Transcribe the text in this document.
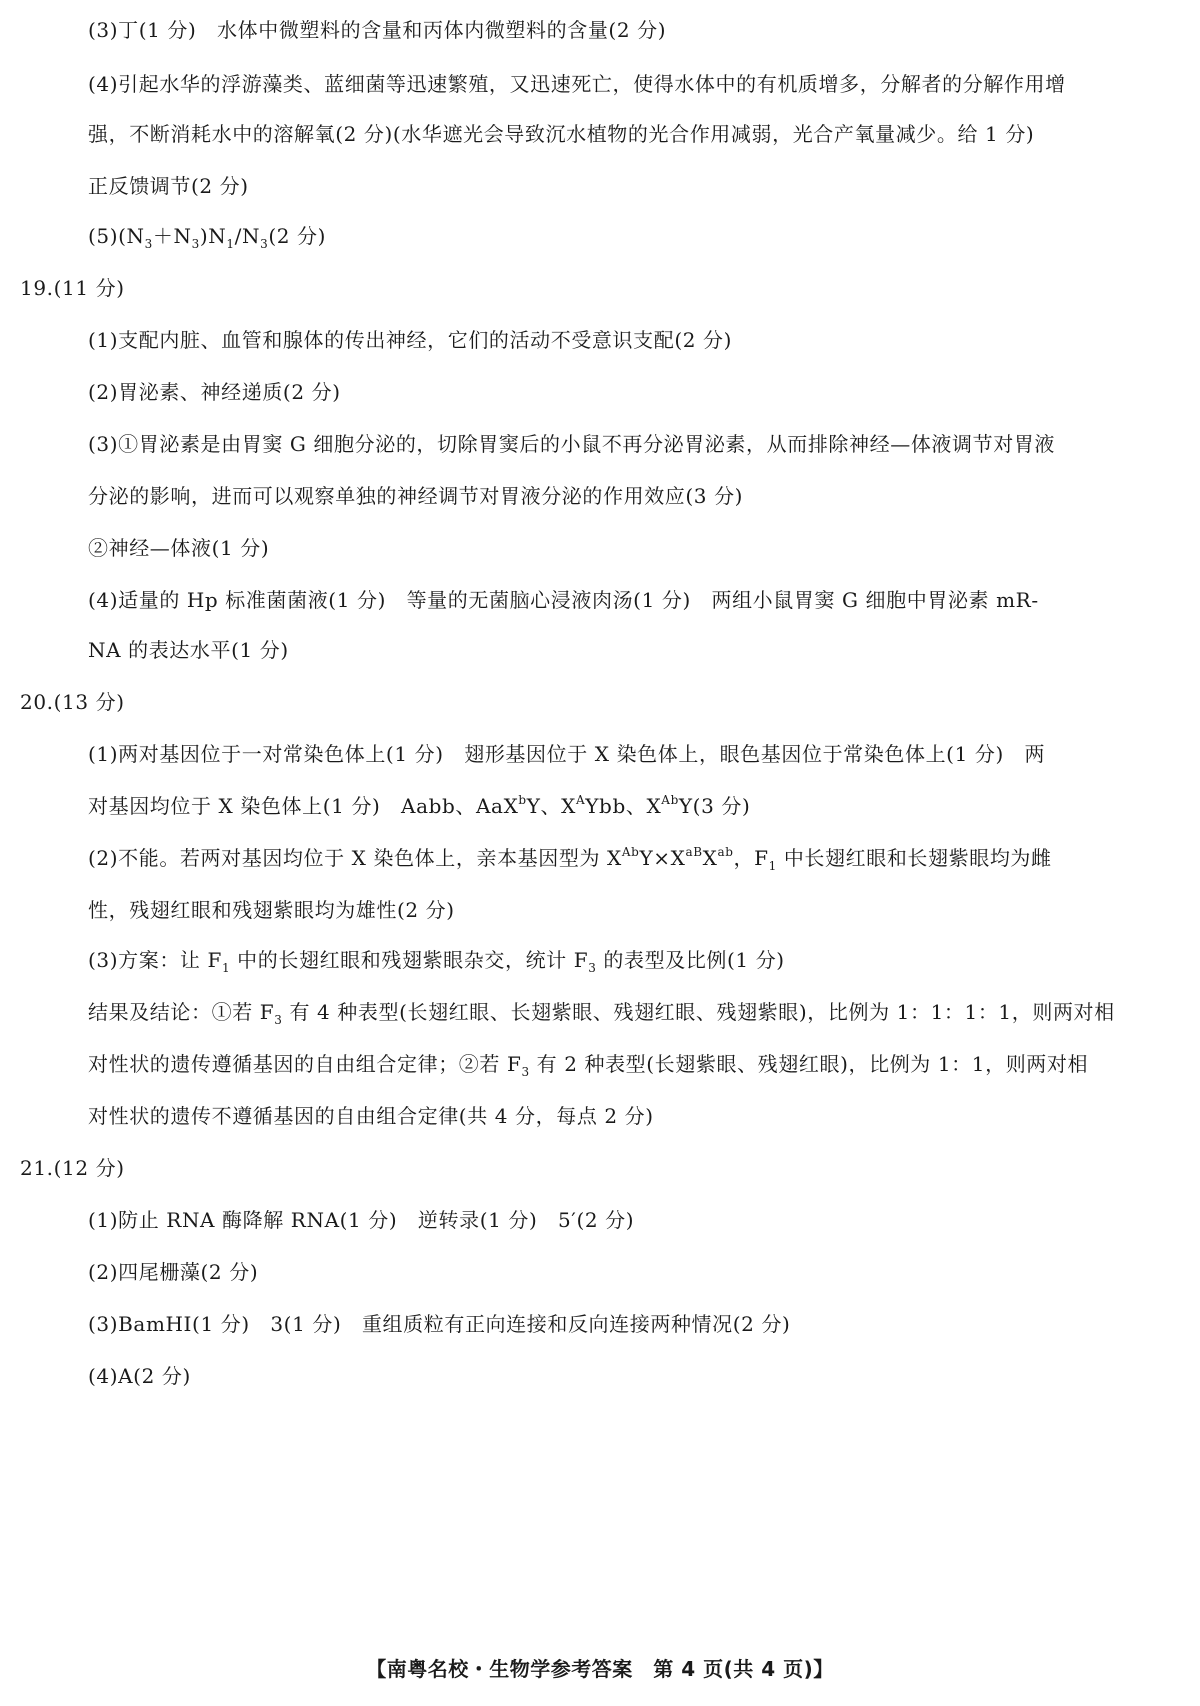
(3)丁(1 分)　水体中微塑料的含量和丙体内微塑料的含量(2 分)
(4)引起水华的浮游藻类、蓝细菌等迅速繁殖，又迅速死亡，使得水体中的有机质增多，分解者的分解作用增
强，不断消耗水中的溶解氧(2 分)(水华遮光会导致沉水植物的光合作用减弱，光合产氧量减少。给 1 分)
正反馈调节(2 分)
$(5)(N_3+N_3)N_1/N_3(2$ 分)
19.(11 分)
(1)支配内脏、血管和腺体的传出神经，它们的活动不受意识支配(2 分)
(2)胃泌素、神经递质(2 分)
(3)①胃泌素是由胃窦 G 细胞分泌的，切除胃窦后的小鼠不再分泌胃泌素，从而排除神经—体液调节对胃液
分泌的影响，进而可以观察单独的神经调节对胃液分泌的作用效应(3 分)
②神经—体液(1 分)
(4)适量的 Hp 标准菌菌液(1 分)　等量的无菌脑心浸液肉汤(1 分)　两组小鼠胃窦 G 细胞中胃泌素 mR-
NA 的表达水平(1 分)
20.(13 分)
(1)两对基因位于一对常染色体上(1 分)　翅形基因位于 X 染色体上，眼色基因位于常染色体上(1 分)　两
对基因均位于 X 染色体上(1 分)　Aabb、AaX$^b$Y、$X^AYbb$、$X^{Ab}Y(3$ 分)
(2)不能。若两对基因均位于 X 染色体上，亲本基因型为 $X^{Ab}Y\times X^{aB}X^{ab}$，$F_1$ 中长翅红眼和长翅紫眼均为雌
性，残翅红眼和残翅紫眼均为雄性(2 分)
(3)方案：让 $F_1$ 中的长翅红眼和残翅紫眼杂交，统计 $F_3$ 的表型及比例(1 分)
结果及结论：①若 $F_3$ 有 4 种表型(长翅红眼、长翅紫眼、残翅红眼、残翅紫眼)，比例为 1：1：1：1，则两对相
对性状的遗传遵循基因的自由组合定律；②若 $F_3$ 有 2 种表型(长翅紫眼、残翅红眼)，比例为 1：1，则两对相
对性状的遗传不遵循基因的自由组合定律(共 4 分，每点 2 分)
21.(12 分)
(1)防止 RNA 酶降解 RNA(1 分)　逆转录(1 分)　5′(2 分)
(2)四尾栅藻(2 分)
(3)BamHⅠ(1 分)　3(1 分)　重组质粒有正向连接和反向连接两种情况(2 分)
(4)A(2 分)
【南粤名校・生物学参考答案　第 4 页(共 4 页)】
